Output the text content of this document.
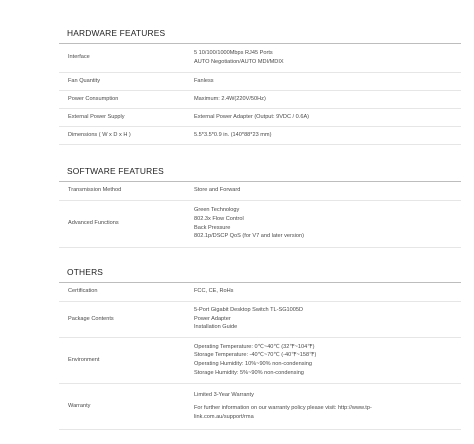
HARDWARE FEATURES
Interface	5 10/100/1000Mbps RJ45 Ports
AUTO Negotiation/AUTO MDI/MDIX

Fan Quantity	Fanless

Power Consumption	Maximum: 2.4W(220V/50Hz)

External Power Supply	External Power Adapter (Output: 9VDC / 0.6A)

Dimensions ( W x D x H )	5.5*3.5*0.9 in. (140*88*23 mm)
SOFTWARE FEATURES
Transmission Method	Store and Forward

Advanced Functions	Green Technology
802.3x Flow Control
Back Pressure
802.1p/DSCP QoS (for V7 and later version)
OTHERS
Certification	FCC, CE, RoHs

Package Contents	5-Port Gigabit Desktop Switch TL-SG1005D
Power Adapter
Installation Guide

Environment	Operating Temperature: 0℃~40℃ (32℉~104℉)
Storage Temperature: -40℃~70℃ (-40℉~158℉)
Operating Humidity: 10%~90% non-condensing
Storage Humidity: 5%~90% non-condensing

Warranty	Limited 3-Year Warranty
For further information on our warranty policy please visit: http://www.tp-
link.com.au/support/rma
